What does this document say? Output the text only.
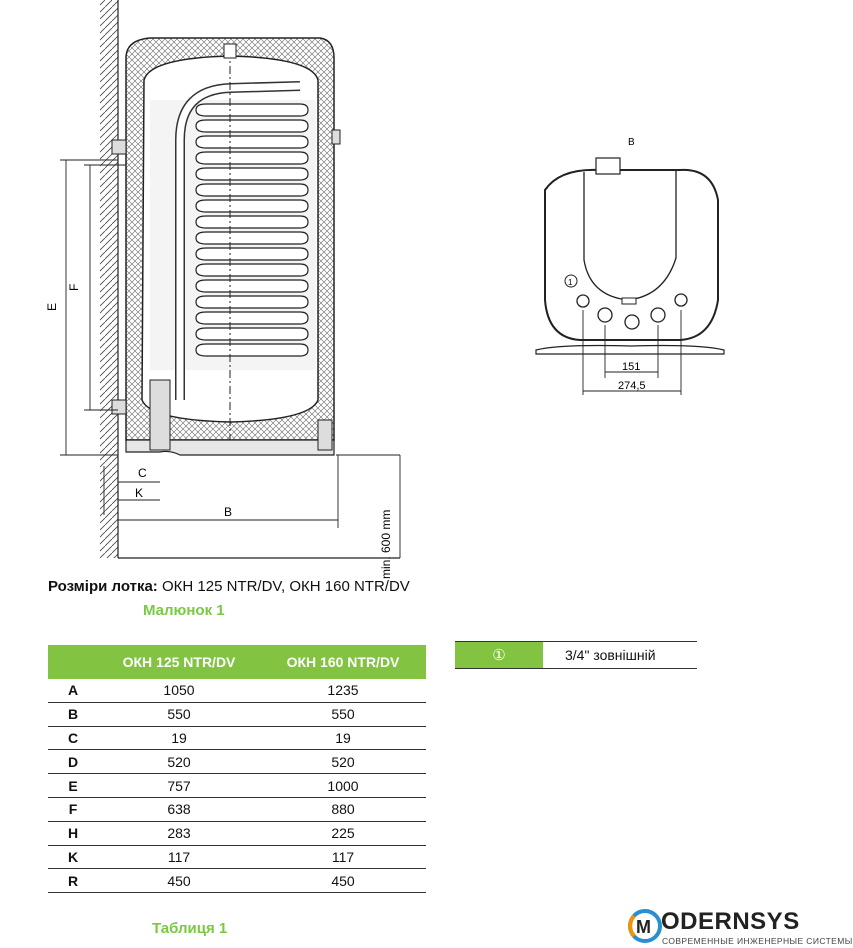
E
F
C
K
B	min. 600 mm
B
1
151
274,5
Розміри лотка: ОКН 125 NTR/DV, ОКН 160 NTR/DV
Малюнок 1
	ОКН 125 NTR/DV	ОКН 160 NTR/DV
A	1050	1235
B	550	550
C	19	19
D	520	520
E	757	1000
F	638	880
H	283	225
K	117	117
R	450	450
Таблиця 1
①	3/4" зовнішній
M ODERNSYS
СОВРЕМЕННЫЕ ИНЖЕНЕРНЫЕ СИСТЕМЫ
